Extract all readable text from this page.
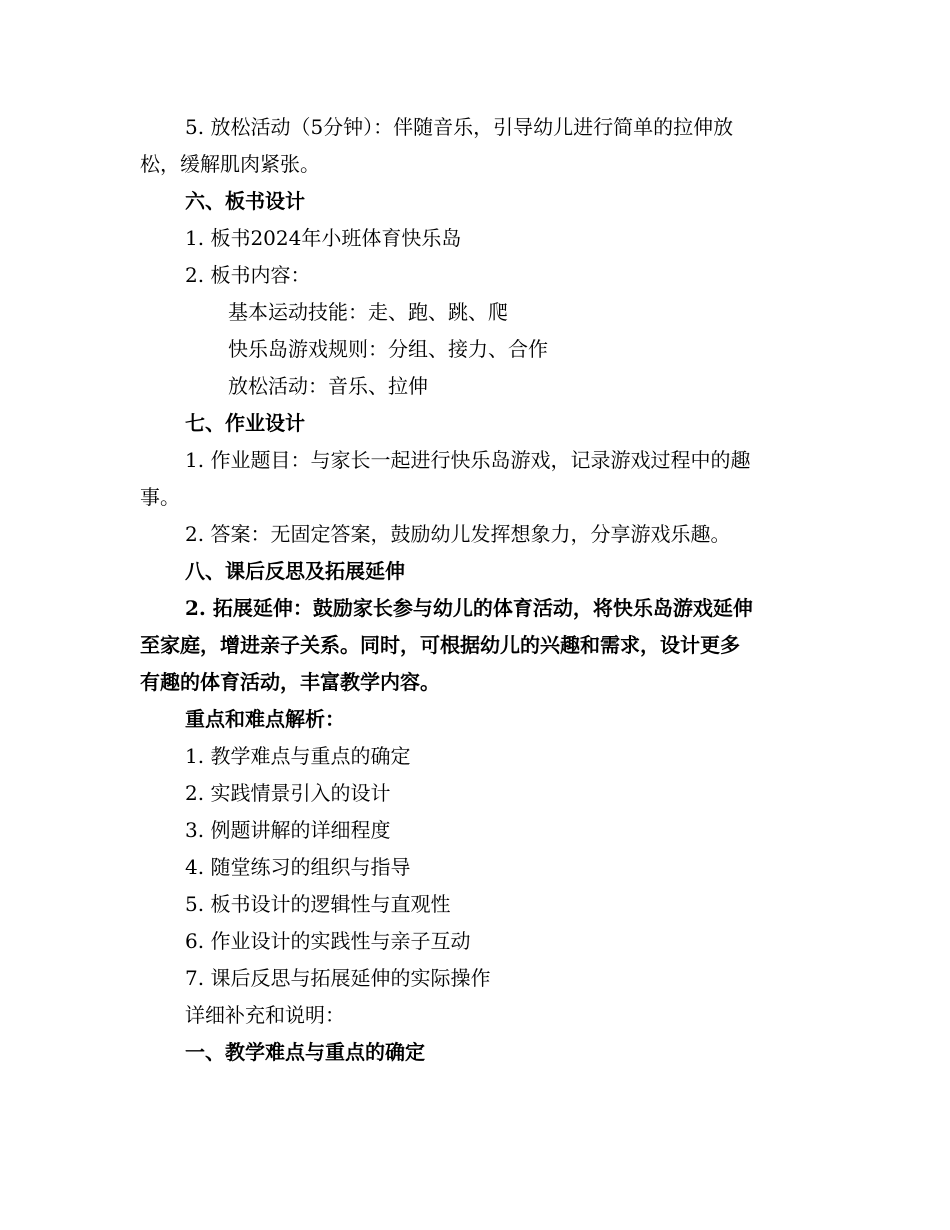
5. 放松活动（5分钟）：伴随音乐，引导幼儿进行简单的拉伸放
松，缓解肌肉紧张。
六、板书设计
1. 板书2024年小班体育快乐岛
2. 板书内容：
基本运动技能：走、跑、跳、爬
快乐岛游戏规则：分组、接力、合作
放松活动：音乐、拉伸
七、作业设计
1. 作业题目：与家长一起进行快乐岛游戏，记录游戏过程中的趣
事。
2. 答案：无固定答案，鼓励幼儿发挥想象力，分享游戏乐趣。
八、课后反思及拓展延伸
2. 拓展延伸：鼓励家长参与幼儿的体育活动，将快乐岛游戏延伸
至家庭，增进亲子关系。同时，可根据幼儿的兴趣和需求，设计更多
有趣的体育活动，丰富教学内容。
重点和难点解析：
1. 教学难点与重点的确定
2. 实践情景引入的设计
3. 例题讲解的详细程度
4. 随堂练习的组织与指导
5. 板书设计的逻辑性与直观性
6. 作业设计的实践性与亲子互动
7. 课后反思与拓展延伸的实际操作
详细补充和说明：
一、教学难点与重点的确定
